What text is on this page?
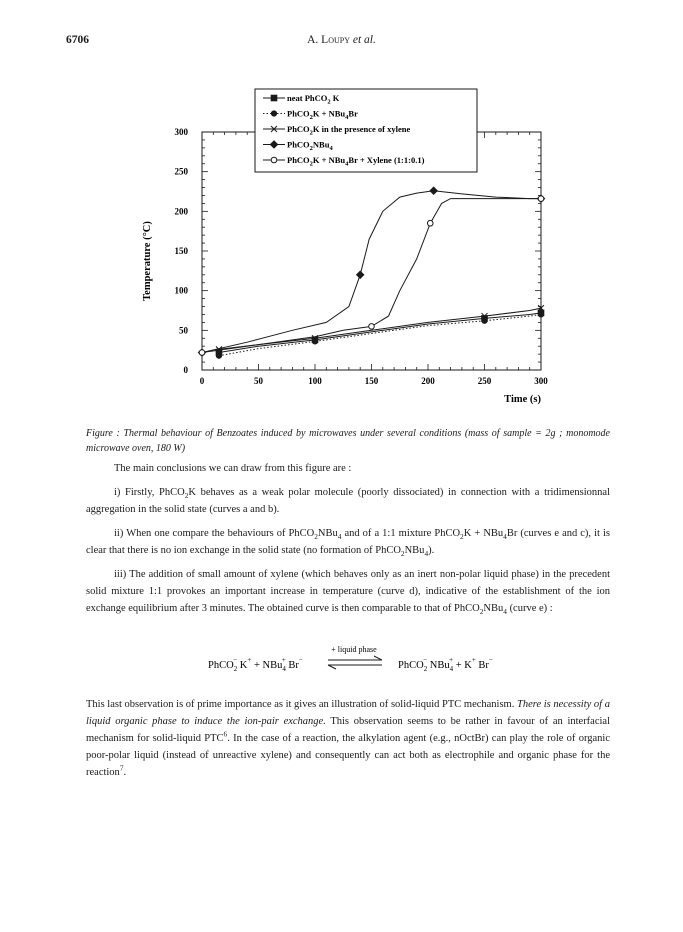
6706	A. Loupy et al.
0	50	100	150	200	250	300
0
50
100
150
200
250
300
Time (s)
Temperature (°C)
neat PhCO$_2$ K
PhCO$_2$K + NBu$_4$Br
PhCO$_2$K in the presence of xylene
PhCO$_2$NBu$_4$
PhCO$_2$K + NBu$_4$Br + Xylene (1:1:0.1)
Figure : Thermal behaviour of Benzoates induced by microwaves under several conditions (mass of sample = 2g ; monomode microwave oven, 180 W)
The main conclusions we can draw from this figure are :
i) Firstly, PhCO$_2$K behaves as a weak polar molecule (poorly dissociated) in connection with a tridimensionnal aggregation in the solid state (curves a and b).
ii) When one compare the behaviours of PhCO$_2$NBu$_4$ and of a 1:1 mixture PhCO$_2$K + NBu$_4$Br (curves e and c), it is clear that there is no ion exchange in the solid state (no formation of PhCO$_2$NBu$_4$).
iii) The addition of small amount of xylene (which behaves only as an inert non-polar liquid phase) in the precedent solid mixture 1:1 provokes an important increase in temperature (curve d), indicative of the establishment of the ion exchange equilibrium after 3 minutes. The obtained curve is then comparable to that of PhCO$_2$NBu$_4$ (curve e) :
PhCO$_2$− K+ + NBu$_4$+ Br−
+ liquid phase
PhCO$_2$− NBu$_4$+ + K+ Br−
This last observation is of prime importance as it gives an illustration of solid-liquid PTC mechanism. There is necessity of a liquid organic phase to induce the ion-pair exchange. This observation seems to be rather in favour of an interfacial mechanism for solid-liquid PTC$^6$. In the case of a reaction, the alkylation agent (e.g., nOctBr) can play the role of organic poor-polar liquid (instead of unreactive xylene) and consequently can act both as electrophile and organic phase for the reaction$^7$.
